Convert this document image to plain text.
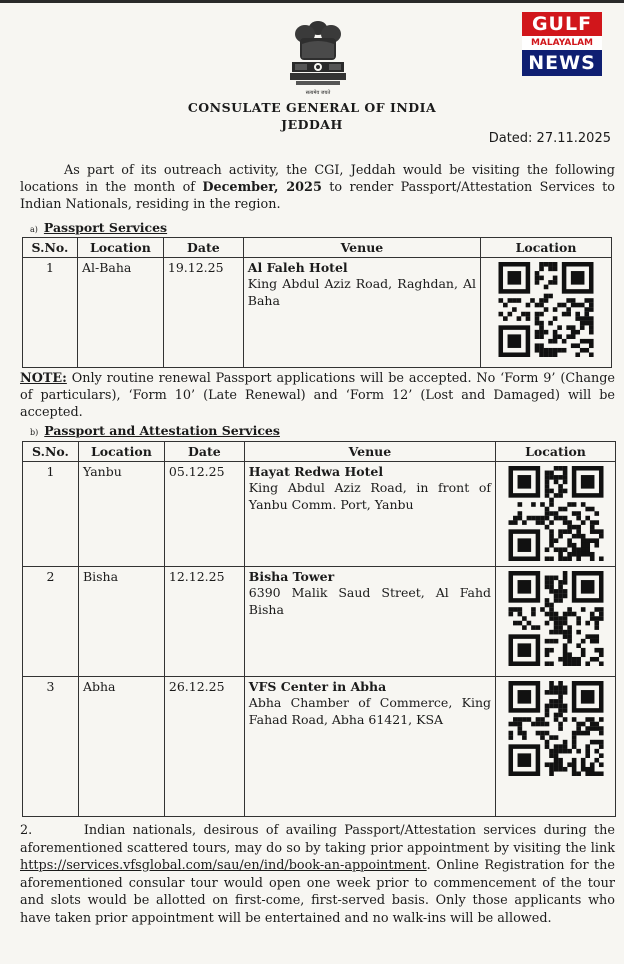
सत्यमेव जयते
GULF
MALAYALAM
NEWS
CONSULATE GENERAL OF INDIA
JEDDAH
Dated: 27.11.2025
As part of its outreach activity, the CGI, Jeddah would be visiting the following locations in the month of December, 2025 to render Passport/Attestation Services to Indian Nationals, residing in the region.
a) Passport Services
S.No.	Location	Date	Venue	Location
1	Al-Baha	19.12.25	Al Faleh Hotel
King Abdul Aziz Road, Raghdan, Al Baha

NOTE: Only routine renewal Passport applications will be accepted. No ‘Form 9’ (Change of particulars), ‘Form 10’ (Late Renewal) and ‘Form 12’ (Lost and Damaged) will be accepted.
b) Passport and Attestation Services
S.No.	Location	Date	Venue	Location
1	Yanbu	05.12.25	Hayat Redwa Hotel
King Abdul Aziz Road, in front of Yanbu Comm. Port, Yanbu

2	Bisha	12.12.25	Bisha Tower
6390 Malik Saud Street, Al Fahd Bisha

3	Abha	26.12.25	VFS Center in Abha
Abha Chamber of Commerce, King Fahad Road, Abha 61421, KSA

2.	Indian nationals, desirous of availing Passport/Attestation services during the aforementioned scattered tours, may do so by taking prior appointment by visiting the link https://services.vfsglobal.com/sau/en/ind/book-an-appointment. Online Registration for the aforementioned consular tour would open one week prior to commencement of the tour and slots would be allotted on first-come, first-served basis. Only those applicants who have taken prior appointment will be entertained and no walk-ins will be allowed.
